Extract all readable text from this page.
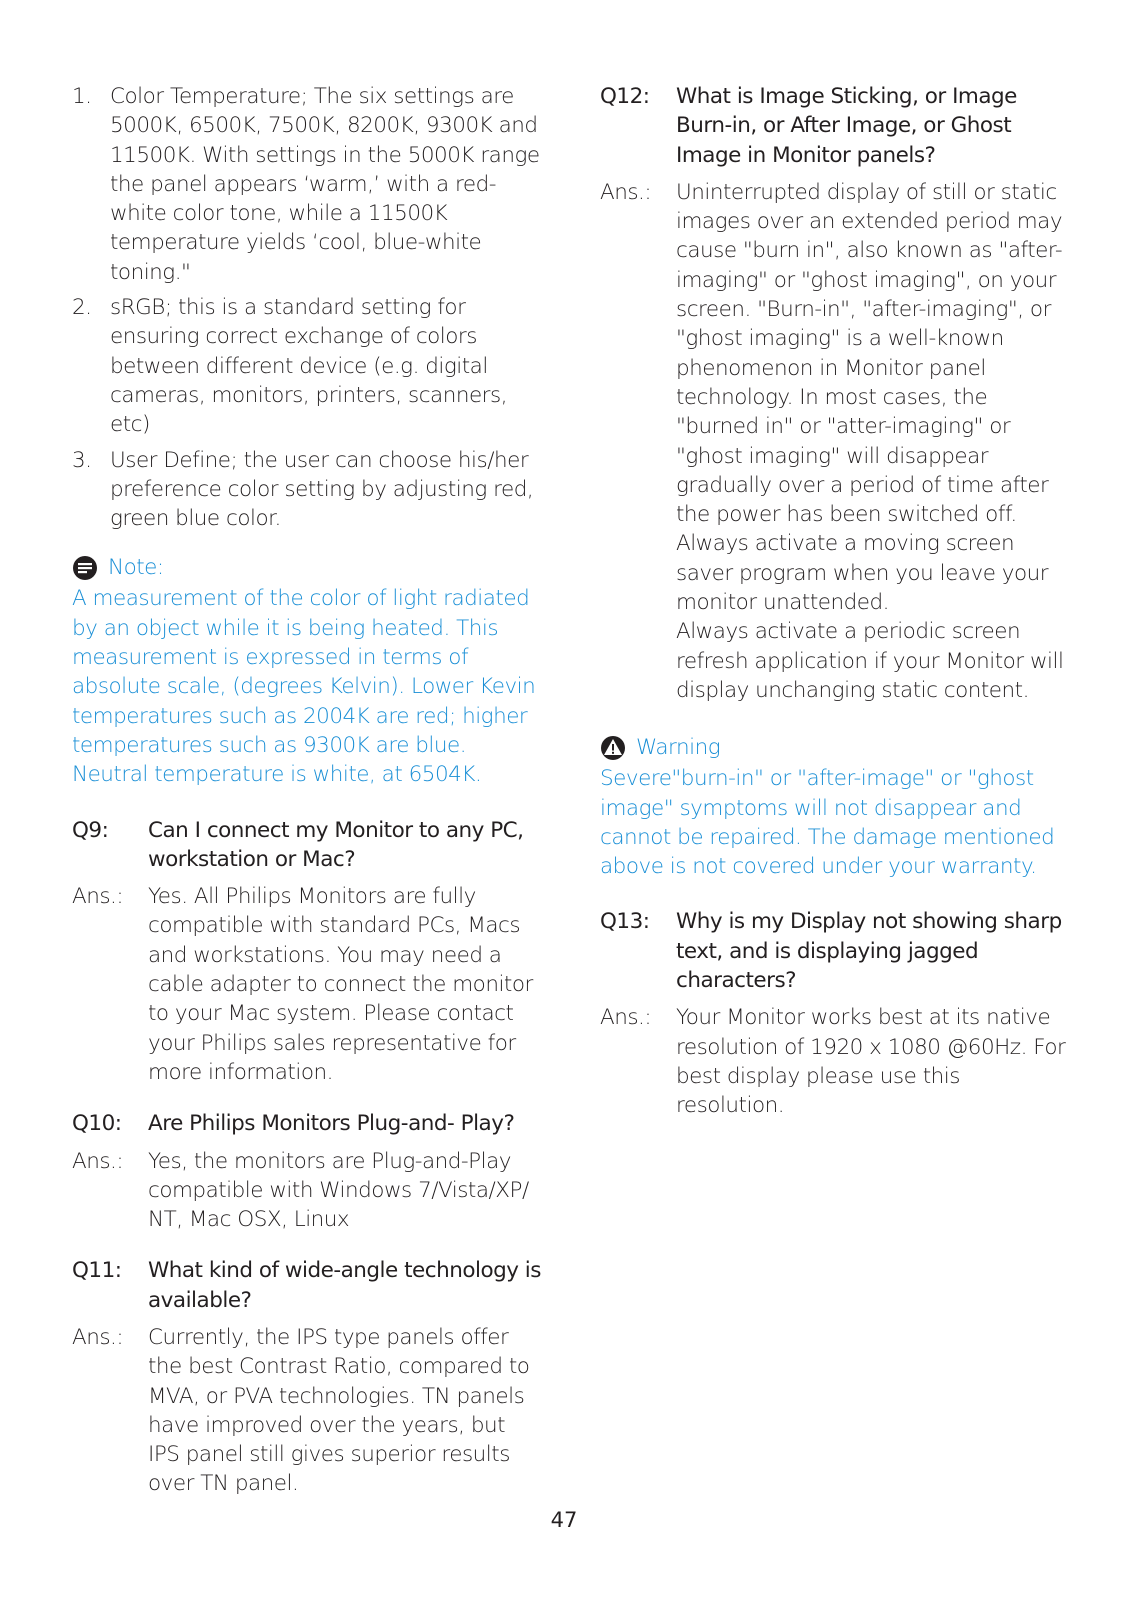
1. Color Temperature; The six settings are 5000K, 6500K, 7500K, 8200K, 9300K and 11500K. With settings in the 5000K range the panel appears ‘warm,’ with a red-white color tone, while a 11500K temperature yields ‘cool, blue-white toning."
2. sRGB; this is a standard setting for ensuring correct exchange of colors between different device (e.g. digital cameras, monitors, printers, scanners, etc)
3. User Define; the user can choose his/her preference color setting by adjusting red, green blue color.
Note:
A measurement of the color of light radiated by an object while it is being heated. This measurement is expressed in terms of absolute scale, (degrees Kelvin). Lower Kevin temperatures such as 2004K are red; higher temperatures such as 9300K are blue. Neutral temperature is white, at 6504K.
Q9:	Can I connect my Monitor to any PC, workstation or Mac?
Ans.:	Yes. All Philips Monitors are fully compatible with standard PCs, Macs and workstations. You may need a cable adapter to connect the monitor to your Mac system. Please contact your Philips sales representative for more information.

Q10:	Are Philips Monitors Plug-and- Play?
Ans.:	Yes, the monitors are Plug-and-Play compatible with Windows 7/Vista/XP/ NT, Mac OSX, Linux

Q11:	What kind of wide-angle technology is available?
Ans.:	Currently, the IPS type panels offer the best Contrast Ratio, compared to MVA, or PVA technologies. TN panels have improved over the years, but IPS panel still gives superior results over TN panel.

Q12:	What is Image Sticking, or Image Burn-in, or After Image, or Ghost Image in Monitor panels?
Ans.:	Uninterrupted display of still or static images over an extended period may cause "burn in", also known as "after-imaging" or "ghost imaging", on your screen. "Burn-in", "after-imaging", or "ghost imaging" is a well-known phenomenon in Monitor panel technology. In most cases, the "burned in" or "atter-imaging" or "ghost imaging" will disappear gradually over a period of time after the power has been switched off.

Always activate a moving screen saver program when you leave your monitor unattended.

Always activate a periodic screen refresh application if your Monitor will display unchanging static content.

Warning
Severe"burn-in" or "after-image" or "ghost image" symptoms will not disappear and cannot be repaired. The damage mentioned above is not covered under your warranty.
Q13:	Why is my Display not showing sharp text, and is displaying jagged characters?
Ans.:	Your Monitor works best at its native resolution of 1920 x 1080 @60Hz. For best display please use this resolution.

47
